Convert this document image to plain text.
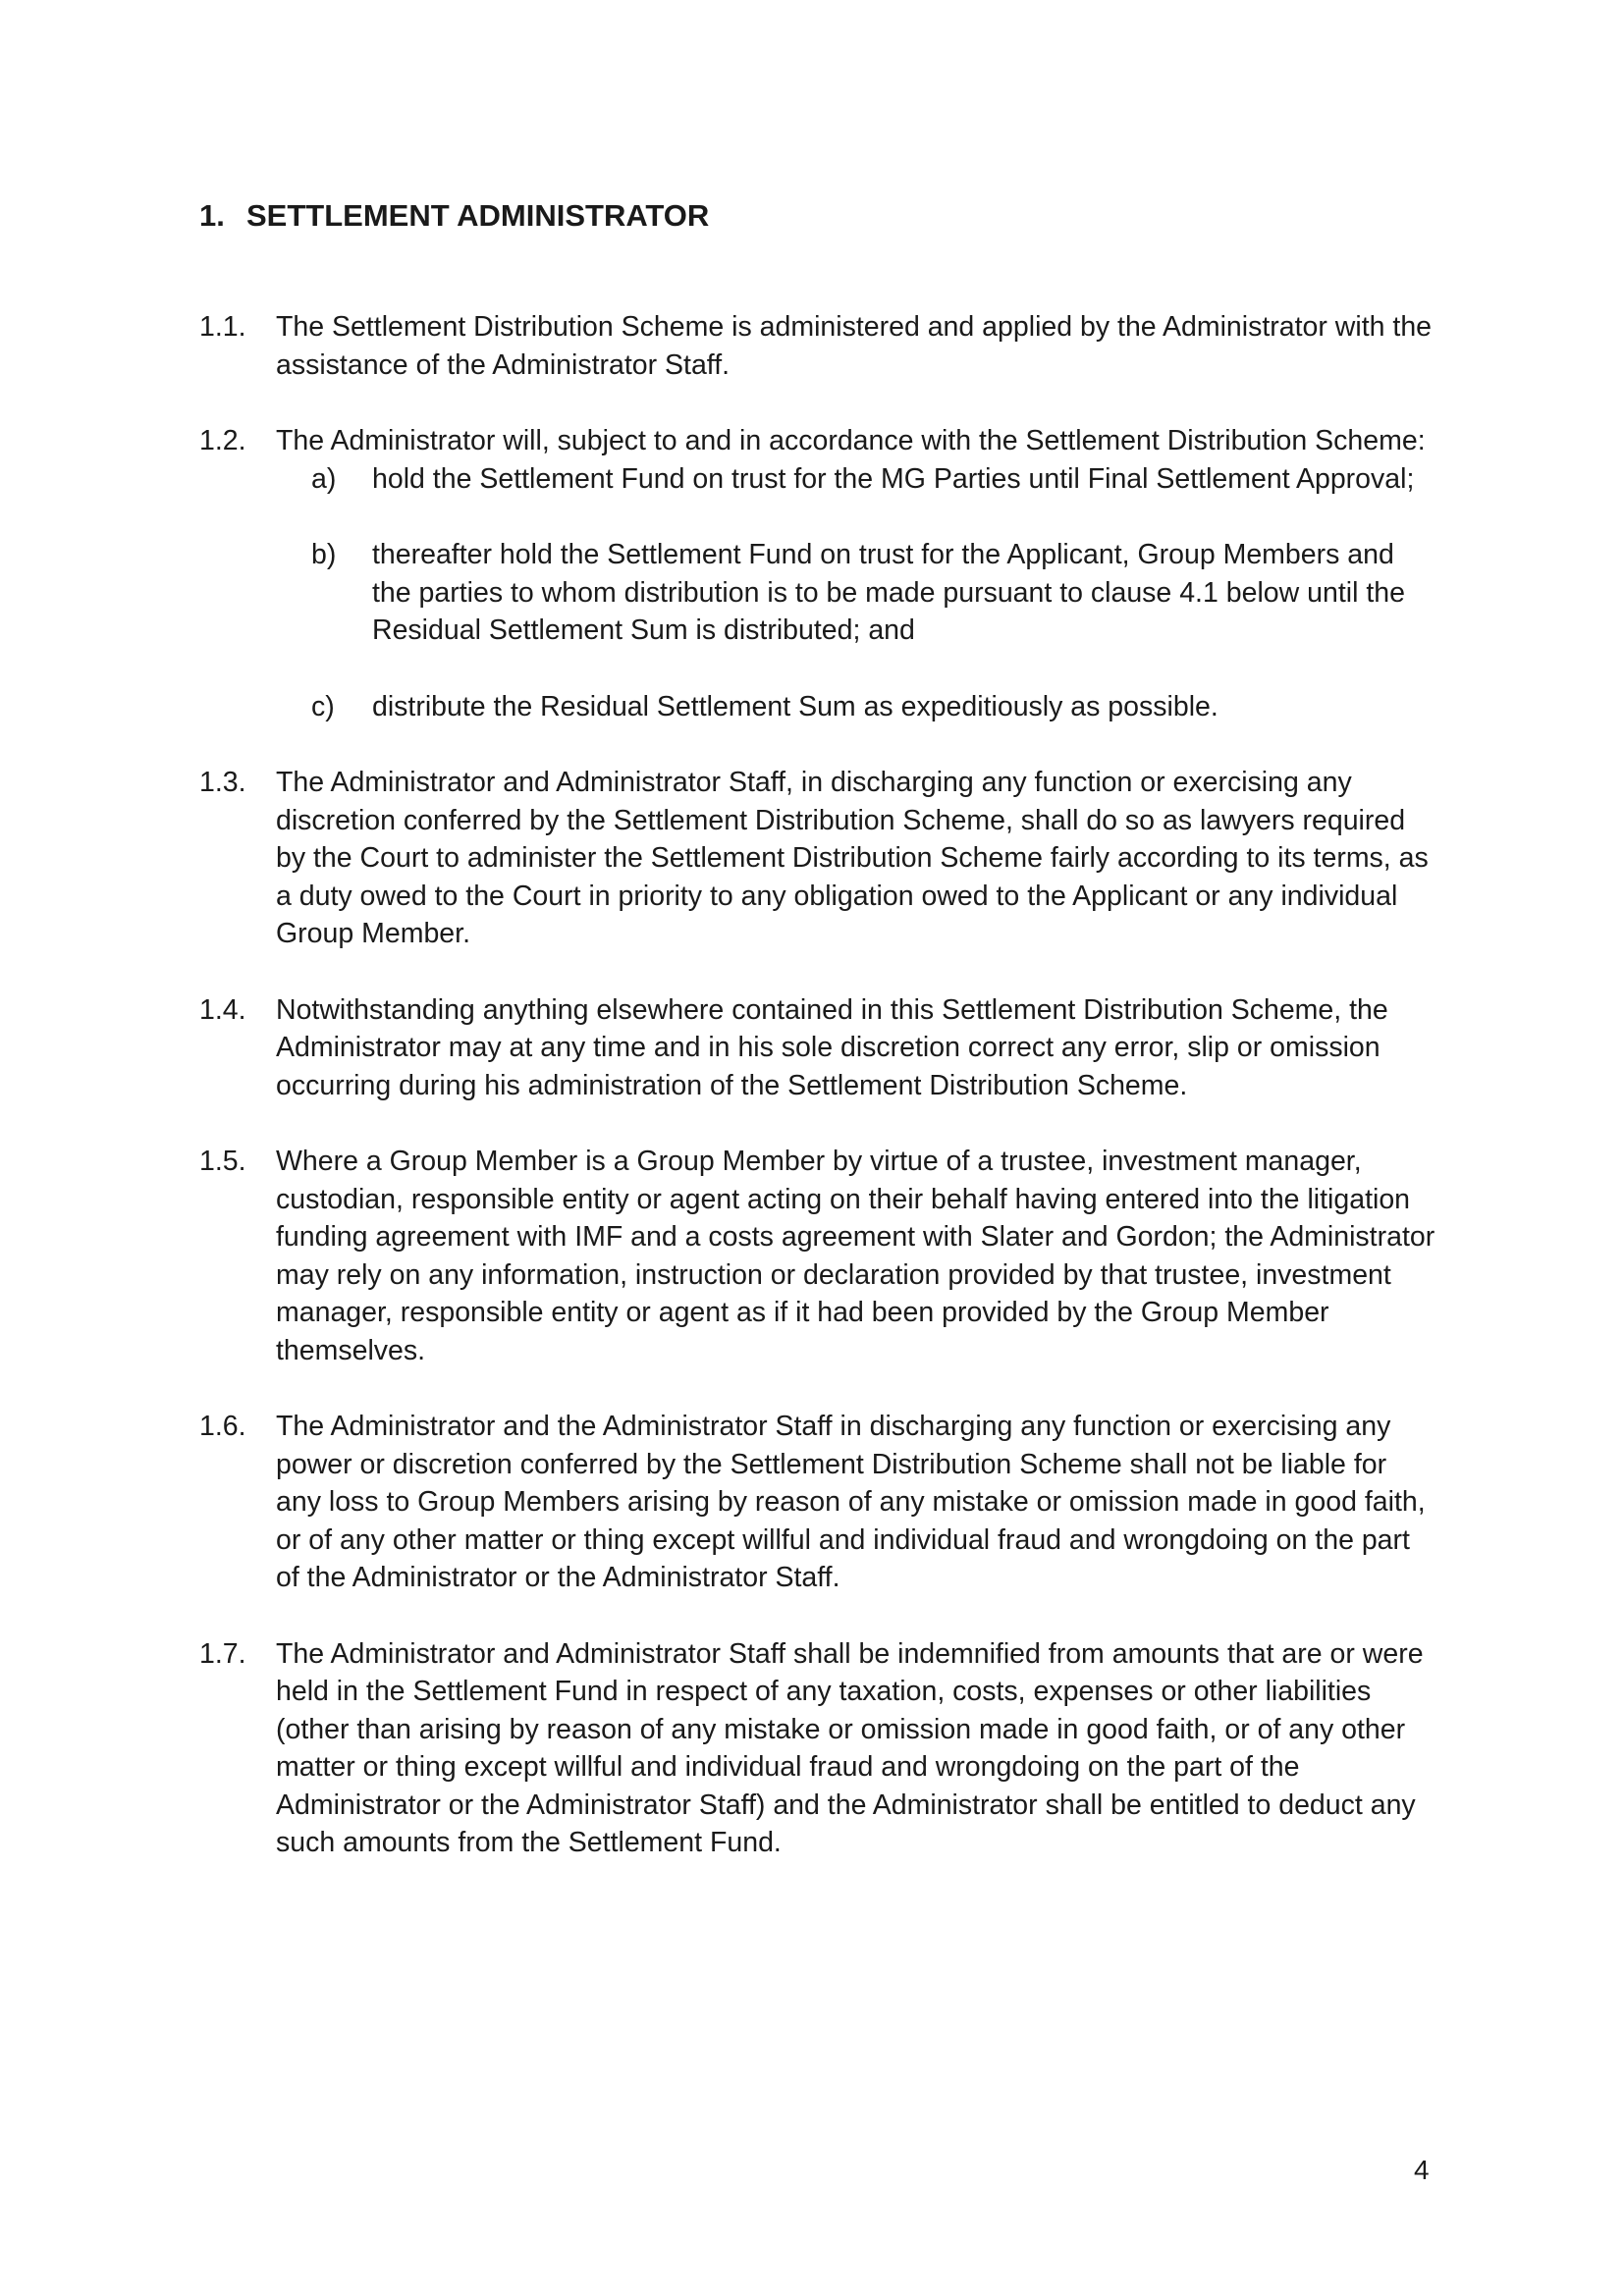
1. SETTLEMENT ADMINISTRATOR
1.1.	The Settlement Distribution Scheme is administered and applied by the Administrator with the assistance of the Administrator Staff.
1.2.	The Administrator will, subject to and in accordance with the Settlement Distribution Scheme:
a)	hold the Settlement Fund on trust for the MG Parties until Final Settlement Approval;
b)	thereafter hold the Settlement Fund on trust for the Applicant, Group Members and the parties to whom distribution is to be made pursuant to clause 4.1 below until the Residual Settlement Sum is distributed; and
c)	distribute the Residual Settlement Sum as expeditiously as possible.
1.3.	The Administrator and Administrator Staff, in discharging any function or exercising any discretion conferred by the Settlement Distribution Scheme, shall do so as lawyers required by the Court to administer the Settlement Distribution Scheme fairly according to its terms, as a duty owed to the Court in priority to any obligation owed to the Applicant or any individual Group Member.
1.4.	Notwithstanding anything elsewhere contained in this Settlement Distribution Scheme, the Administrator may at any time and in his sole discretion correct any error, slip or omission occurring during his administration of the Settlement Distribution Scheme.
1.5.	Where a Group Member is a Group Member by virtue of a trustee, investment manager, custodian, responsible entity or agent acting on their behalf having entered into the litigation funding agreement with IMF and a costs agreement with Slater and Gordon; the Administrator may rely on any information, instruction or declaration provided by that trustee, investment manager, responsible entity or agent as if it had been provided by the Group Member themselves.
1.6.	The Administrator and the Administrator Staff in discharging any function or exercising any power or discretion conferred by the Settlement Distribution Scheme shall not be liable for any loss to Group Members arising by reason of any mistake or omission made in good faith, or of any other matter or thing except willful and individual fraud and wrongdoing on the part of the Administrator or the Administrator Staff.
1.7.	The Administrator and Administrator Staff shall be indemnified from amounts that are or were held in the Settlement Fund in respect of any taxation, costs, expenses or other liabilities (other than arising by reason of any mistake or omission made in good faith, or of any other matter or thing except willful and individual fraud and wrongdoing on the part of the Administrator or the Administrator Staff) and the Administrator shall be entitled to deduct any such amounts from the Settlement Fund.
4
